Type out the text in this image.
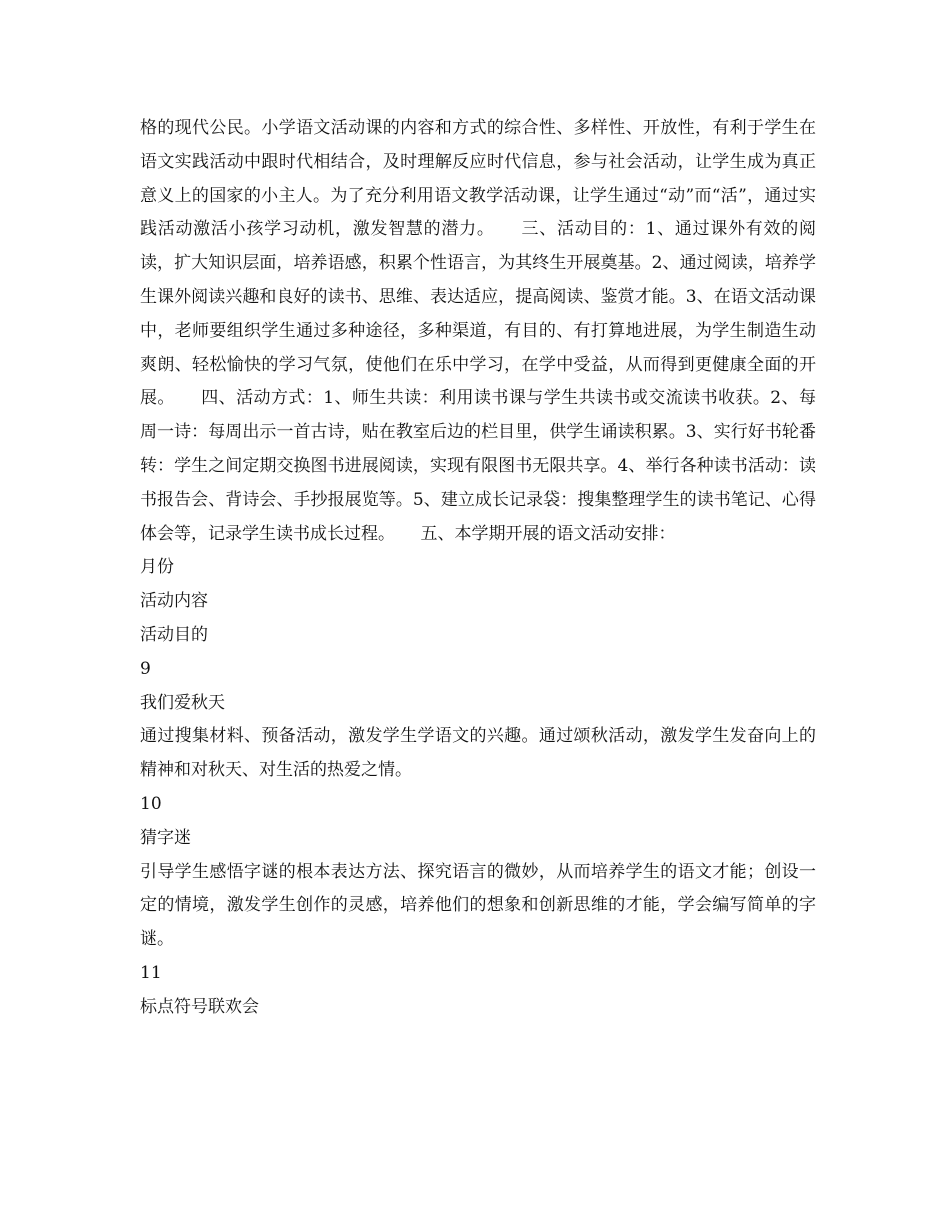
格的现代公民。小学语文活动课的内容和方式的综合性、多样性、开放性，有利于学生在语文实践活动中跟时代相结合，及时理解反应时代信息，参与社会活动，让学生成为真正意义上的国家的小主人。为了充分利用语文教学活动课，让学生通过“动”而“活”，通过实践活动激活小孩学习动机，激发智慧的潜力。　　三、活动目的：1、通过课外有效的阅读，扩大知识层面，培养语感，积累个性语言，为其终生开展奠基。2、通过阅读，培养学生课外阅读兴趣和良好的读书、思维、表达适应，提高阅读、鉴赏才能。3、在语文活动课中，老师要组织学生通过多种途径，多种渠道，有目的、有打算地进展，为学生制造生动爽朗、轻松愉快的学习气氛，使他们在乐中学习，在学中受益，从而得到更健康全面的开展。　　四、活动方式：1、师生共读：利用读书课与学生共读书或交流读书收获。2、每周一诗：每周出示一首古诗，贴在教室后边的栏目里，供学生诵读积累。3、实行好书轮番转：学生之间定期交换图书进展阅读，实现有限图书无限共享。4、举行各种读书活动：读书报告会、背诗会、手抄报展览等。5、建立成长记录袋：搜集整理学生的读书笔记、心得体会等，记录学生读书成长过程。　　五、本学期开展的语文活动安排：

月份

活动内容

活动目的

9

我们爱秋天

通过搜集材料、预备活动，激发学生学语文的兴趣。通过颂秋活动，激发学生发奋向上的精神和对秋天、对生活的热爱之情。

10

猜字迷

引导学生感悟字谜的根本表达方法、探究语言的微妙，从而培养学生的语文才能；创设一定的情境，激发学生创作的灵感，培养他们的想象和创新思维的才能，学会编写简单的字谜。

11

标点符号联欢会
